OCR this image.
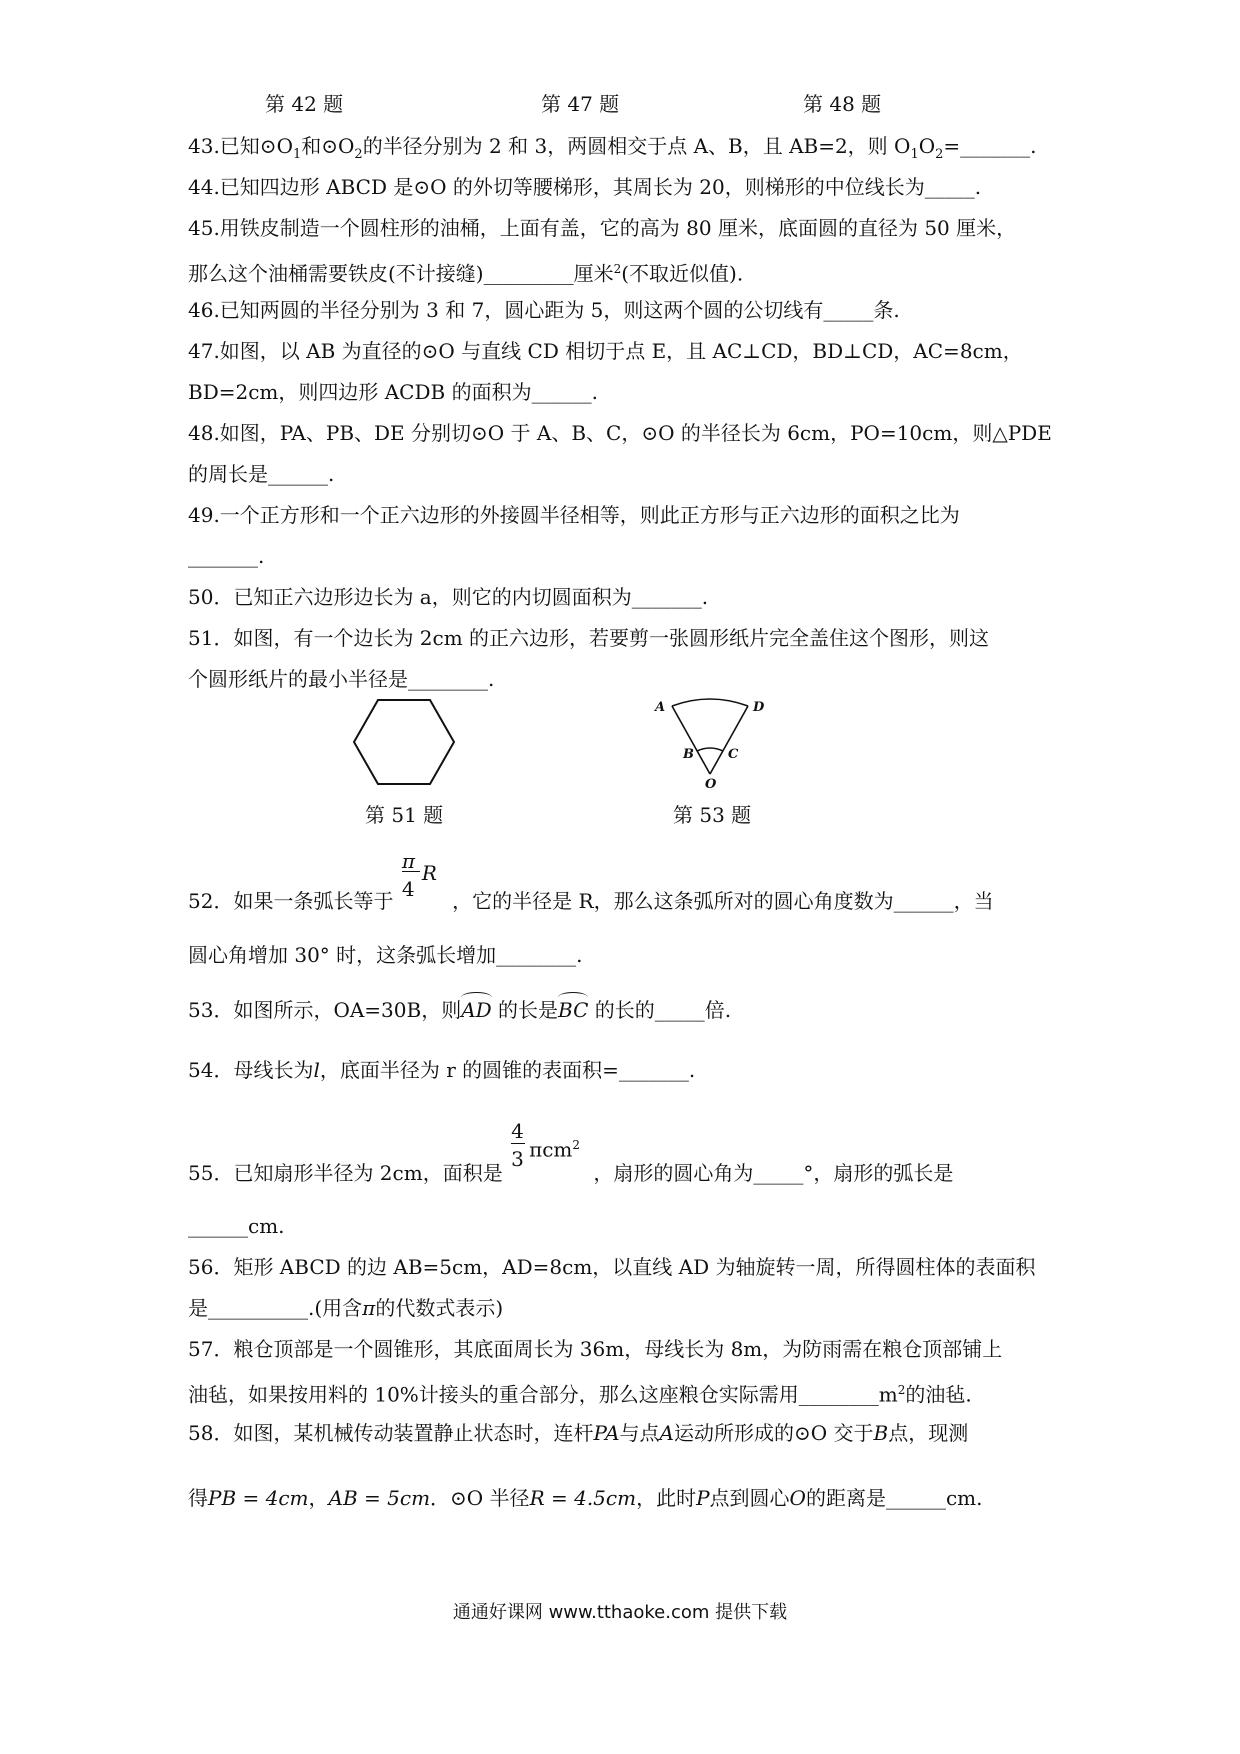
第 42 题	第 47 题	第 48 题
43.已知$⊙O_1$和$⊙O_2$的半径分别为 2 和 3，两圆相交于点 A、B，且 AB=2，则 $O_1O_2=\_\_\_\_\_\_\_$.
44.已知四边形 ABCD 是⊙O 的外切等腰梯形，其周长为 20，则梯形的中位线长为_____.
45.用铁皮制造一个圆柱形的油桶，上面有盖，它的高为 80 厘米，底面圆的直径为 50 厘米，
那么这个油桶需要铁皮(不计接缝)_________厘米$^2$(不取近似值).
46.已知两圆的半径分别为 3 和 7，圆心距为 5，则这两个圆的公切线有_____条.
47.如图，以 AB 为直径的⊙O 与直线 CD 相切于点 E，且 AC⊥CD，BD⊥CD，AC=8cm，
BD=2cm，则四边形 ACDB 的面积为______.
48.如图，PA、PB、DE 分别切⊙O 于 A、B、C，⊙O 的半径长为 6cm，PO=10cm，则△PDE
的周长是______.
49.一个正方形和一个正六边形的外接圆半径相等，则此正方形与正六边形的面积之比为
_______.
50．已知正六边形边长为 a，则它的内切圆面积为_______.
51．如图，有一个边长为 2cm 的正六边形，若要剪一张圆形纸片完全盖住这个图形，则这
个圆形纸片的最小半径是________.
A	D
B	C
O
第 51 题	第 53 题
52．如果一条弧长等于
π
4
R
，它的半径是 R，那么这条弧所对的圆心角度数为______，当
圆心角增加 30° 时，这条弧长增加________.
53．如图所示，OA=30B，则AD 的长是BC 的长的_____倍.
54．母线长为l，底面半径为 r 的圆锥的表面积=_______.
55．已知扇形半径为 2cm，面积是
4
3 πcm$^2$
，扇形的圆心角为_____°，扇形的弧长是
______cm.
56．矩形 ABCD 的边 AB=5cm，AD=8cm，以直线 AD 为轴旋转一周，所得圆柱体的表面积
是__________.(用含π的代数式表示)
57．粮仓顶部是一个圆锥形，其底面周长为 36m，母线长为 8m，为防雨需在粮仓顶部铺上
油毡，如果按用料的 10%计接头的重合部分，那么这座粮仓实际需用$\_\_\_\_\_\_\_\_m^2$的油毡.
58．如图，某机械传动装置静止状态时，连杆PA与点A运动所形成的⊙O 交于B点，现测
得PB = 4cm，AB = 5cm．⊙O 半径R = 4.5cm，此时P点到圆心O的距离是______cm.
通通好课网 www.tthaoke.com 提供下载
